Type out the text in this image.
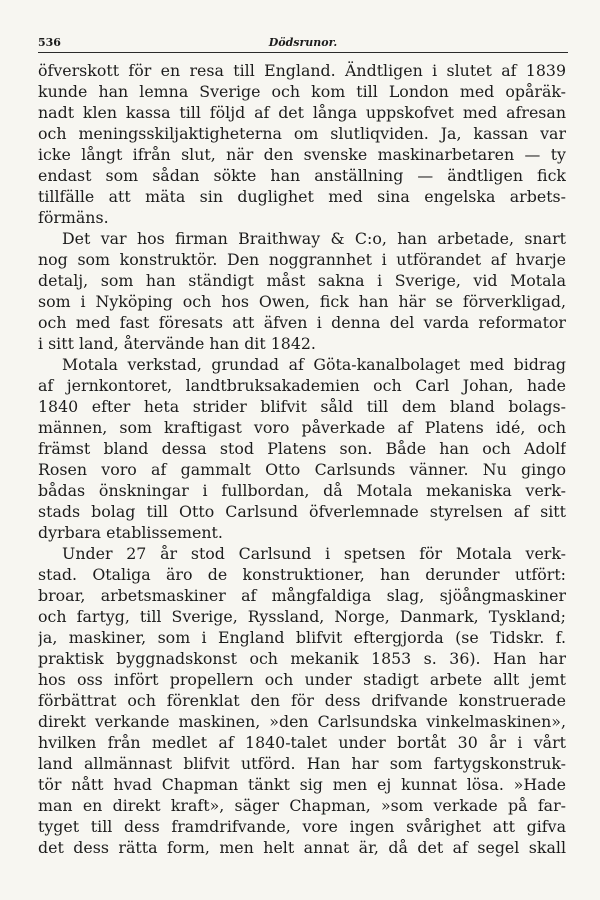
536	Dödsrunor.
öfverskott för en resa till England. Ändtligen i slutet af 1839
kunde han lemna Sverige och kom till London med opåräk-
nadt klen kassa till följd af det långa uppskofvet med afresan
och meningsskiljaktigheterna om slutliqviden. Ja, kassan var
icke långt ifrån slut, när den svenske maskinarbetaren — ty
endast som sådan sökte han anställning — ändtligen fick
tillfälle att mäta sin duglighet med sina engelska arbets-
förmäns.
Det var hos firman Braithway & C:o, han arbetade, snart
nog som konstruktör. Den noggrannhet i utförandet af hvarje
detalj, som han ständigt måst sakna i Sverige, vid Motala
som i Nyköping och hos Owen, fick han här se förverkligad,
och med fast föresats att äfven i denna del varda reformator
i sitt land, återvände han dit 1842.
Motala verkstad, grundad af Göta-kanalbolaget med bidrag
af jernkontoret, landtbruksakademien och Carl Johan, hade
1840 efter heta strider blifvit såld till dem bland bolags-
männen, som kraftigast voro påverkade af Platens idé, och
främst bland dessa stod Platens son. Både han och Adolf
Rosen voro af gammalt Otto Carlsunds vänner. Nu gingo
bådas önskningar i fullbordan, då Motala mekaniska verk-
stads bolag till Otto Carlsund öfverlemnade styrelsen af sitt
dyrbara etablissement.
Under 27 år stod Carlsund i spetsen för Motala verk-
stad. Otaliga äro de konstruktioner, han derunder utfört:
broar, arbetsmaskiner af mångfaldiga slag, sjöångmaskiner
och fartyg, till Sverige, Ryssland, Norge, Danmark, Tyskland;
ja, maskiner, som i England blifvit eftergjorda (se Tidskr. f.
praktisk byggnadskonst och mekanik 1853 s. 36). Han har
hos oss infört propellern och under stadigt arbete allt jemt
förbättrat och förenklat den för dess drifvande konstruerade
direkt verkande maskinen, »den Carlsundska vinkelmaskinen»,
hvilken från medlet af 1840-talet under bortåt 30 år i vårt
land allmännast blifvit utförd. Han har som fartygskonstruk-
tör nått hvad Chapman tänkt sig men ej kunnat lösa. »Hade
man en direkt kraft», säger Chapman, »som verkade på far-
tyget till dess framdrifvande, vore ingen svårighet att gifva
det dess rätta form, men helt annat är, då det af segel skall
